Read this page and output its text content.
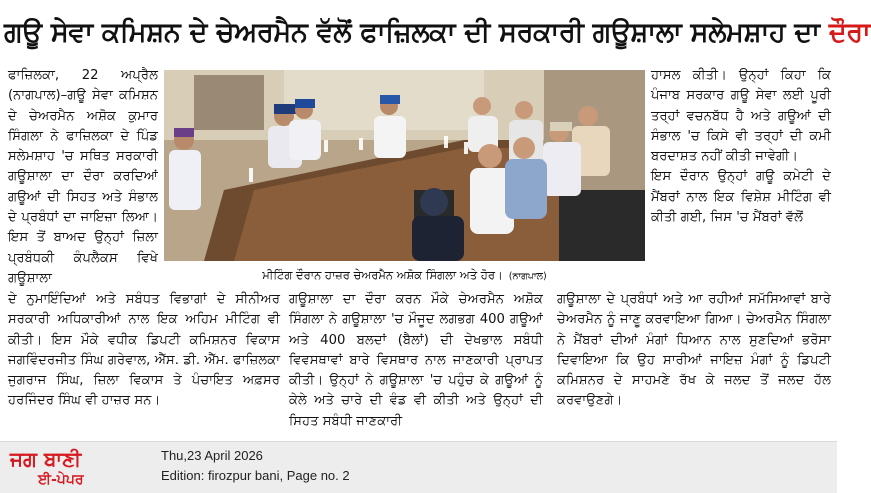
ਗਊ ਸੇਵਾ ਕਮਿਸ਼ਨ ਦੇ ਚੇਅਰਮੈਨ ਵੱਲੋਂ ਫਾਜ਼ਿਲਕਾ ਦੀ ਸਰਕਾਰੀ ਗਊਸ਼ਾਲਾ ਸਲੇਮਸ਼ਾਹ ਦਾ ਦੌਰਾ

ਫਾਜ਼ਿਲਕਾ, 22 ਅਪ੍ਰੈਲ (ਨਾਗਪਾਲ)–ਗਊ ਸੇਵਾ ਕਮਿਸ਼ਨ ਦੇ ਚੇਅਰਮੈਨ ਅਸ਼ੋਕ ਕੁਮਾਰ ਸਿੰਗਲਾ ਨੇ ਫਾਜ਼ਿਲਕਾ ਦੇ ਪਿੰਡ ਸਲੇਮਸ਼ਾਹ 'ਚ ਸਥਿਤ ਸਰਕਾਰੀ ਗਊਸ਼ਾਲਾ ਦਾ ਦੌਰਾ ਕਰਦਿਆਂ ਗਊਆਂ ਦੀ ਸਿਹਤ ਅਤੇ ਸੰਭਾਲ ਦੇ ਪ੍ਰਬੰਧਾਂ ਦਾ ਜਾਇਜ਼ਾ ਲਿਆ। ਇਸ ਤੋਂ ਬਾਅਦ ਉਨ੍ਹਾਂ ਜ਼ਿਲਾ ਪ੍ਰਬੰਧਕੀ ਕੰਪਲੈਕਸ ਵਿਖੇ ਗਊਸ਼ਾਲਾ	ਮੀਟਿੰਗ ਦੌਰਾਨ ਹਾਜ਼ਰ ਚੇਅਰਮੈਨ ਅਸ਼ੋਕ ਸਿੰਗਲਾ ਅਤੇ ਹੋਰ। (ਨਾਗਪਾਲ)

ਦੇ ਨੁਮਾਇੰਦਿਆਂ ਅਤੇ ਸਬੰਧਤ ਵਿਭਾਗਾਂ ਦੇ ਸੀਨੀਅਰ ਸਰਕਾਰੀ ਅਧਿਕਾਰੀਆਂ ਨਾਲ ਇਕ ਅਹਿਮ ਮੀਟਿੰਗ ਵੀ ਕੀਤੀ। ਇਸ ਮੌਕੇ ਵਧੀਕ ਡਿਪਟੀ ਕਮਿਸ਼ਨਰ ਵਿਕਾਸ ਜਗਵਿੰਦਰਜੀਤ ਸਿੰਘ ਗਰੇਵਾਲ, ਐੱਸ. ਡੀ. ਐੱਮ. ਫਾਜ਼ਿਲਕਾ ਜੁਗਰਾਜ ਸਿੰਘ, ਜ਼ਿਲਾ ਵਿਕਾਸ ਤੇ ਪੰਚਾਇਤ ਅਫ਼ਸਰ ਹਰਜਿੰਦਰ ਸਿੰਘ ਵੀ ਹਾਜ਼ਰ ਸਨ।

ਗਊਸ਼ਾਲਾ ਦਾ ਦੌਰਾ ਕਰਨ ਮੌਕੇ ਚੇਅਰਮੈਨ ਅਸ਼ੋਕ ਸਿੰਗਲਾ ਨੇ ਗਊਸ਼ਾਲਾ 'ਚ ਮੌਜੂਦ ਲਗਭਗ 400 ਗਊਆਂ ਅਤੇ 400 ਬਲਦਾਂ (ਬੈਲਾਂ) ਦੀ ਦੇਖਭਾਲ ਸਬੰਧੀ ਵਿਵਸਥਾਵਾਂ ਬਾਰੇ ਵਿਸਥਾਰ ਨਾਲ ਜਾਣਕਾਰੀ ਪ੍ਰਾਪਤ ਕੀਤੀ। ਉਨ੍ਹਾਂ ਨੇ ਗਊਸ਼ਾਲਾ 'ਚ ਪਹੁੰਚ ਕੇ ਗਊਆਂ ਨੂੰ ਕੇਲੇ ਅਤੇ ਚਾਰੇ ਦੀ ਵੰਡ ਵੀ ਕੀਤੀ ਅਤੇ ਉਨ੍ਹਾਂ ਦੀ ਸਿਹਤ ਸਬੰਧੀ ਜਾਣਕਾਰੀ

ਹਾਸਲ ਕੀਤੀ। ਉਨ੍ਹਾਂ ਕਿਹਾ ਕਿ ਪੰਜਾਬ ਸਰਕਾਰ ਗਊ ਸੇਵਾ ਲਈ ਪੂਰੀ ਤਰ੍ਹਾਂ ਵਚਨਬੱਧ ਹੈ ਅਤੇ ਗਊਆਂ ਦੀ ਸੰਭਾਲ 'ਚ ਕਿਸੇ ਵੀ ਤਰ੍ਹਾਂ ਦੀ ਕਮੀ ਬਰਦਾਸ਼ਤ ਨਹੀਂ ਕੀਤੀ ਜਾਵੇਗੀ।

ਇਸ ਦੌਰਾਨ ਉਨ੍ਹਾਂ ਗਊ ਕਮੇਟੀ ਦੇ ਮੈਂਬਰਾਂ ਨਾਲ ਇਕ ਵਿਸ਼ੇਸ਼ ਮੀਟਿੰਗ ਵੀ ਕੀਤੀ ਗਈ, ਜਿਸ 'ਚ ਮੈਂਬਰਾਂ ਵੱਲੋਂ

ਗਊਸ਼ਾਲਾ ਦੇ ਪ੍ਰਬੰਧਾਂ ਅਤੇ ਆ ਰਹੀਆਂ ਸਮੱਸਿਆਵਾਂ ਬਾਰੇ ਚੇਅਰਮੈਨ ਨੂੰ ਜਾਣੂ ਕਰਵਾਇਆ ਗਿਆ। ਚੇਅਰਮੈਨ ਸਿੰਗਲਾ ਨੇ ਮੈਂਬਰਾਂ ਦੀਆਂ ਮੰਗਾਂ ਧਿਆਨ ਨਾਲ ਸੁਣਦਿਆਂ ਭਰੋਸਾ ਦਿਵਾਇਆ ਕਿ ਉਹ ਸਾਰੀਆਂ ਜਾਇਜ਼ ਮੰਗਾਂ ਨੂੰ ਡਿਪਟੀ ਕਮਿਸ਼ਨਰ ਦੇ ਸਾਹਮਣੇ ਰੱਖ ਕੇ ਜਲਦ ਤੋਂ ਜਲਦ ਹੱਲ ਕਰਵਾਉਣਗੇ।

ਜਗ ਬਾਣੀ
ਈ-ਪੇਪਰ
Thu,23 April 2026
Edition: firozpur bani, Page no. 2
